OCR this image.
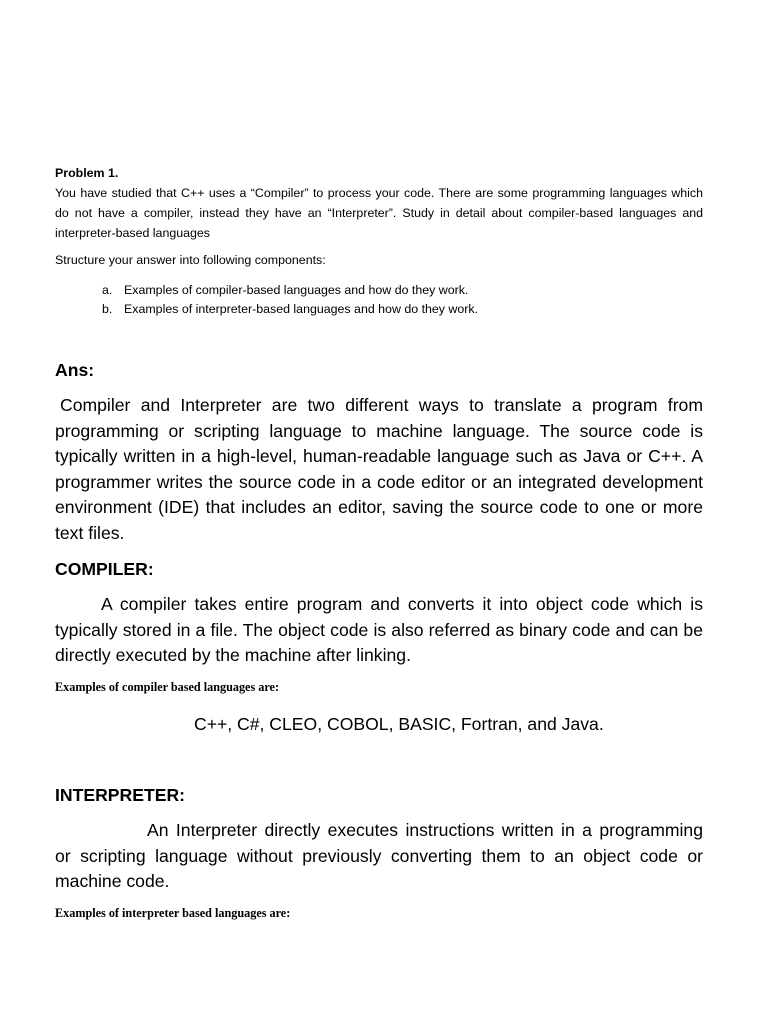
Problem 1.

You have studied that C++ uses a “Compiler” to process your code. There are some programming languages which do not have a compiler, instead they have an “Interpreter”. Study in detail about compiler-based languages and interpreter-based languages

Structure your answer into following components:

a. Examples of compiler-based languages and how do they work.

b. Examples of interpreter-based languages and how do they work.

Ans:

Compiler and Interpreter are two different ways to translate a program from programming or scripting language to machine language. The source code is typically written in a high-level, human-readable language such as Java or C++. A programmer writes the source code in a code editor or an integrated development environment (IDE) that includes an editor, saving the source code to one or more text files.

COMPILER:

A compiler takes entire program and converts it into object code which is typically stored in a file. The object code is also referred as binary code and can be directly executed by the machine after linking.

Examples of compiler based languages are:

C++, C#, CLEO, COBOL, BASIC, Fortran, and Java.

INTERPRETER:

An Interpreter directly executes instructions written in a programming or scripting language without previously converting them to an object code or machine code.

Examples of interpreter based languages are:
